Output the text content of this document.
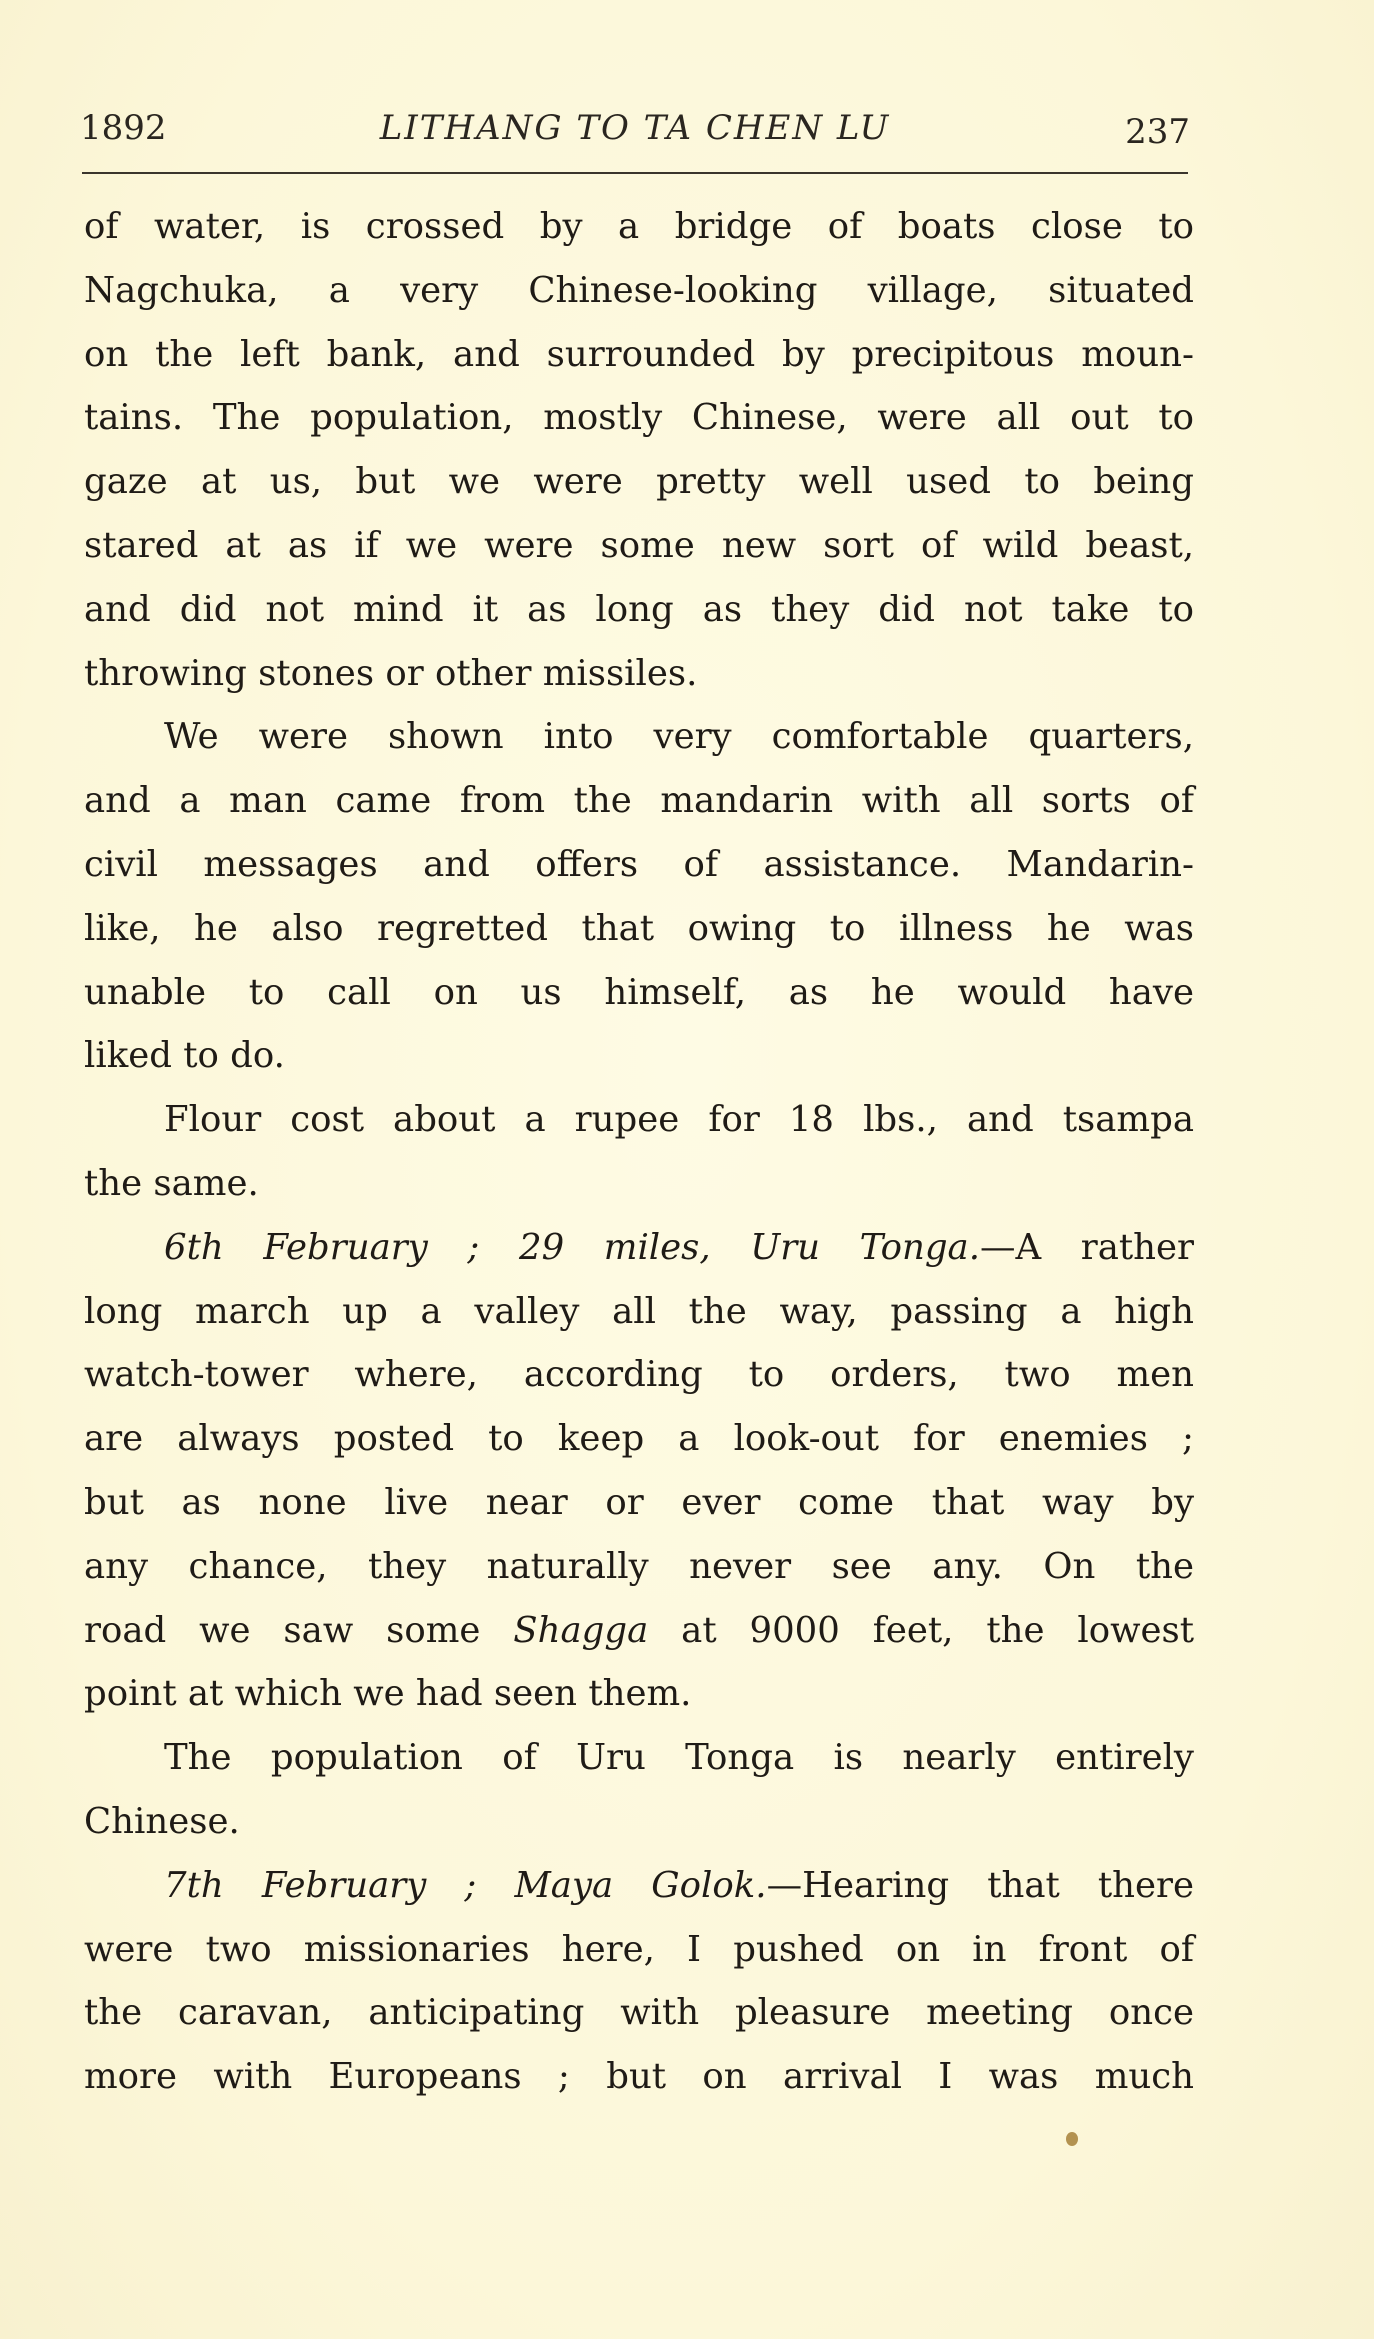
1892	LITHANG TO TA CHEN LU	237
of water, is crossed by a bridge of boats close to
Nagchuka, a very Chinese-looking village, situated
on the left bank, and surrounded by precipitous moun-
tains. The population, mostly Chinese, were all out to
gaze at us, but we were pretty well used to being
stared at as if we were some new sort of wild beast,
and did not mind it as long as they did not take to
throwing stones or other missiles.
We were shown into very comfortable quarters,
and a man came from the mandarin with all sorts of
civil messages and offers of assistance. Mandarin-
like, he also regretted that owing to illness he was
unable to call on us himself, as he would have
liked to do.
Flour cost about a rupee for 18 lbs., and tsampa
the same.
6th February ; 29 miles, Uru Tonga.—A rather
long march up a valley all the way, passing a high
watch-tower where, according to orders, two men
are always posted to keep a look-out for enemies ;
but as none live near or ever come that way by
any chance, they naturally never see any. On the
road we saw some Shagga at 9000 feet, the lowest
point at which we had seen them.
The population of Uru Tonga is nearly entirely
Chinese.
7th February ; Maya Golok.—Hearing that there
were two missionaries here, I pushed on in front of
the caravan, anticipating with pleasure meeting once
more with Europeans ; but on arrival I was much
